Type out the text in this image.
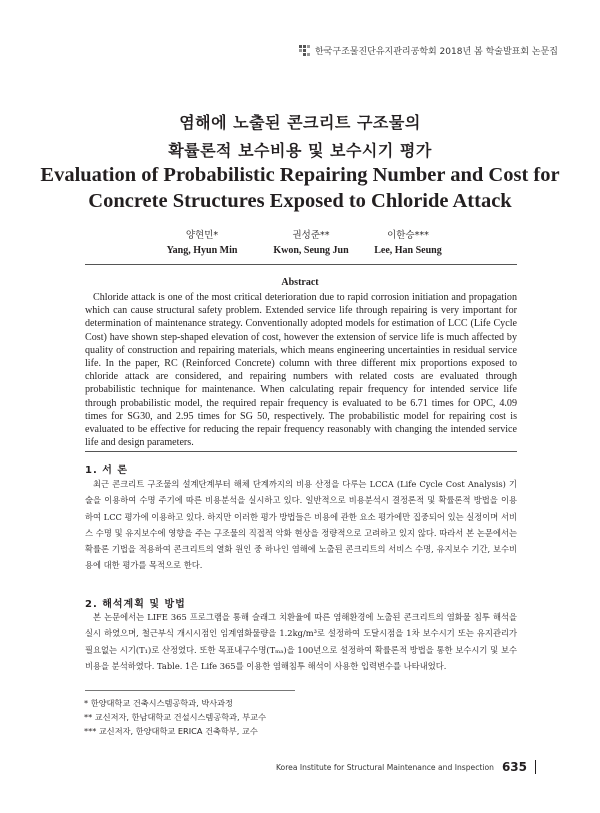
한국구조물진단유지관리공학회 2018년 봄 학술발표회 논문집
염해에 노출된 콘크리트 구조물의
확률론적 보수비용 및 보수시기 평가
Evaluation of Probabilistic Repairing Number and Cost for
Concrete Structures Exposed to Chloride Attack
양현민*
Yang, Hyun Min
권성준**
Kwon, Seung Jun
이한승***
Lee, Han Seung
Abstract

Chloride attack is one of the most critical deterioration due to rapid corrosion initiation and propagation which can cause structural safety problem. Extended service life through repairing is very important for determination of maintenance strategy. Conventionally adopted models for estimation of LCC (Life Cycle Cost) have shown step-shaped elevation of cost, however the extension of service life is much affected by quality of construction and repairing materials, which means engineering uncertainties in residual service life. In the paper, RC (Reinforced Concrete) column with three different mix proportions exposed to chloride attack are considered, and repairing numbers with related costs are evaluated through probabilistic technique for maintenance. When calculating repair frequency for intended service life through probabilistic model, the required repair frequency is evaluated to be 6.71 times for OPC, 4.09 times for SG30, and 2.95 times for SG 50, respectively. The probabilistic model for repairing cost is evaluated to be effective for reducing the repair frequency reasonably with changing the intended service life and design parameters.

1. 서 론

최근 콘크리트 구조물의 설계단계부터 해체 단계까지의 비용 산정을 다루는 LCCA (Life Cycle Cost Analysis) 기술을 이용하여 수명 주기에 따른 비용분석을 실시하고 있다. 일반적으로 비용분석시 결정론적 및 확률론적 방법을 이용하여 LCC 평가에 이용하고 있다. 하지만 이러한 평가 방법들은 비용에 관한 요소 평가에만 집중되어 있는 실정이며 서비스 수명 및 유지보수에 영향을 주는 구조물의 직접적 악화 현상을 정량적으로 고려하고 있지 않다. 따라서 본 논문에서는 확률론 기법을 적용하여 콘크리트의 열화 원인 중 하나인 염해에 노출된 콘크리트의 서비스 수명, 유지보수 기간, 보수비용에 대한 평가를 목적으로 한다.

2. 해석계획 및 방법

본 논문에서는 LIFE 365 프로그램을 통해 슬래그 치환율에 따른 염해환경에 노출된 콘크리트의 염화물 침투 해석을 실시 하였으며, 철근부식 개시시점인 임계염화물량을 1.2kg/m³로 설정하여 도달시점을 1차 보수시기 또는 유지관리가 필요없는 시기(T₁)로 산정였다. 또한 목표내구수명(Tₘₐ)을 100년으로 설정하여 확률론적 방법을 통한 보수시기 및 보수비용을 분석하였다. Table. 1은 Life 365를 이용한 염해침투 해석이 사용한 입력변수를 나타내었다.

* 한양대학교 건축시스템공학과, 박사과정
** 교신저자, 한남대학교 건설시스템공학과, 부교수
*** 교신저자, 한양대학교 ERICA 건축학부, 교수
Korea Institute for Structural Maintenance and Inspection 635
